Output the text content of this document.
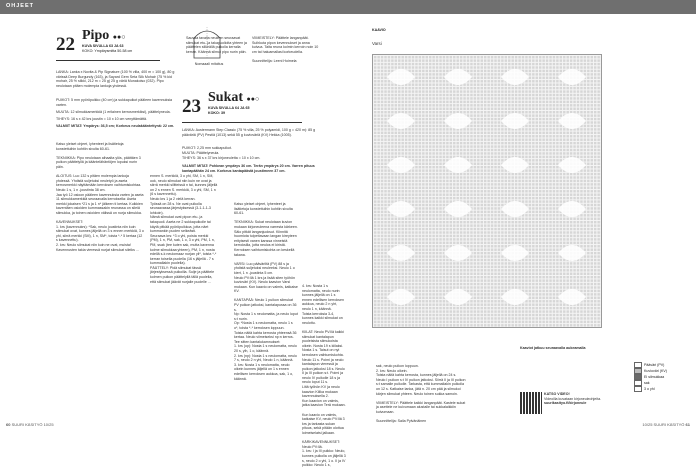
OHJEET
22 Pipo ●●○
KUVA SIVULLA 63 JA 63
KOKO: Ympärysmitta 50-58 cm
Nomaaali mitoitus
LANKA: Lanka x Novita & Pip Signature (100 % villa, 400 m = 100 g), 80 g värissä Deep Burgundy (163), ja Sayard Gem Seta Silk Mohair (75 % kid mohair, 25 % silkki, 212 m = 25 g) 25 g väriä Munakoiso (032). Pipo neulotaan pitäen molempia lankoja yhdessä.
PUIKOT: 5 mm pyöröpuikko (40 cm) ja sukkapuikot pääleen kavennuksia varten.
MUUTA: 12 silmukkamerkkiä (1 erilainen kerrosmerkiksi), päättelyneula.
TIHEYS: 16 s x 42 krs joustin = 10 x 10 cm venyttämättä.
VALMIIT MITAT: Ympärys: 36,5 cm; Korkeus neulakääntettynä: 22 cm.
Katso yleiset ohjeet, lyhenteet ja lisätietoja konstettuihin kohtiin sivulta 60-61.

TEKNIIKKA: Pipo neulotaan alhaalta ylös, päättäen 3 puikon päättelyllä ja kääntelähäntöjen lopuksi nurin päin.

ALOITUS: Luo 132 s pitäen molempia lankoja yhdessä. Yhdistä suljetuksi neuletyö ja aseta kerrosmerkki näyttämään kerroksen vaihtumiskohtaa.
Neulo 1 s, 1 n -joustinta 38 cm.
Jaa työ 12 osioon pääleen kavennuksia varten ja aseta 11 silmukkamerkkiä seuraavalla kerroksella: Aseta merkki jokaisen *21 s ja 1 n* jälkeen ti kertaa. Kuikkien kaventäen osioiden kummassakin reunassa on sileiä silmukka, ja toinen osioiden välissä on nurja silmukka.

KAVENNUKSET:
1. krs (kavennukrs): *Sak, neulo joustinta niin kuin silmukat ovat, kunnes jäljellä on 3 s ennen merkkiä, 3 o yhl, siirrä merkki (SM), 1 n, SM*, toista *-* 5 kertaa (12 s kavennettu).
2. krs: Neulo silmukat niin kuin ne ovat, muista! Kavennusten takia vieressä nurjat silmukat sileiks ...
ennen S. merkkiä, 3 o yhl, SM, 1 n, SM, ook, neulo silmukat niin kuin ne ovat ja siirrä merkki silitteissä n tai, kunnes jäljellä on 2 s ennen S. merkkiä, 3 o yhl, SM, 1 n (6 s kavennettu).
Neulo krs 1 ja 2 vielä kerran.
Työssä on 28 s. Ne ovat puikolla seuraavassa järjestyksessä (3-1-1-1-3 lohkoin).
Nämä silmukat ovat pipon etu- ja takapuoli. Aseta ne 2 sukkapuikolle tai käytä pitkää pyöröpuikkoa, jotta näet kummankin puolen selkeästi.
Seuraava krs: *3 o yhl, poista merkki (PM), 1 n, PM, sak, 1 o, 3 o yhl, PM, 1 n, PM, ssak (tee kuten sak, mutta kavenna kolme silmukkaa yhteen), PM, 1 n, nosta edellä s-k neulomaaz nurjan yli*, toista *-* kerran toisella puolella (16 s jäljellä - 7 s kummallakin puolella).
PÄÄTTELY: Pidä silmukat tässä järjestyksessä puikoilla. Sulje ja päättele kolmen puikon päättelyllä tällä puolella, että silmukat jäävät nurjalle puolelle ...
Sauvaa tavalla neuleen seuraavat silmukat etu- ja takapuoliolta yhteen ja päättelen silkeällä puikolla kerralla kerran. Käännä silmut pipo nurin päin.
VIIMEISTELY: Päättele langanpäät. Suihkuta pipon kevennukset ja anna kuivua. Taita reuna kolmin kerroin noin 10 cm tai haluamallasi korkeudella.

Suunnittelija: Leeni Hoimela
23 Sukat ●●○
KUVA SIVULLA 64 JA 65
KOKO: 39
LANKA: Austermann Step Classic (75 % villa, 25 % polyamidi, 100 g = 420 m): 85 g pääväriä (PV) Pestiä (1013) sekä 55 g kuvioväriä (KV) Hekka (1005).
PUIKOT: 2,25 mm sukkapuikot.
MUUTA: Päättelyneula.
TIHEYS: 36 s x 37 krs kirjoneuletta = 10 x 10 cm.
VALMIIT MITAT: Pohkean ympärys 36 cm. Terän ympärys 20 cm. Varren pituus kantapäähän 24 cm. Korkeus kantapäästä joustimeen 37 cm.
Katso yleiset ohjeet, lyhenteet ja lisätietoja konstettuihin kohtiin sivulta 60-61.

TEKNIIKKA: Sukat neulotaan kuvion mukaan kirjoneuleena varresta kärkeen. Sälo pitkät langanjuoksut. Kiinnitä huomiota tulpettavaan langan kireyteen erityisesti vanen kanssa vinneistä kerroksilla, jotta neulos ei kiristä. Kerroksen vaihtumiskohta on keskellä takana.

VARSI: Luo pääväriltä (PV) 88 s ja yhdistä suljetuksi neuleeksi. Neulo 1 o kiert, 1 n -joustinta 5 cm.
Neulo PV:llä 1 krs ja lisää siten työhön kuvioväri (KV). Neulo kaavion Varsi mukaan. Kun kaavio on valmis, katkaise KV.

KANTAPÄÄ: Neulo 1 puikon silmukat PV puikon jatkoksi, kantalapussa on 36 s.
Np: Nosta 1 s neulomatta, ja neulo loput s:t nurin.
Op: *Nosta 1 s neulomatta, neulo 1 s o*, toista *-* kerroksen loppuun.
Toista näitä kahta kerrosta yhteensä 36 kertaa. Neulo viimeiseksi np:n kerros.
Tee sitten kantalukamnukset:
1. krs (op): Nosta 1 s neulomatta, neulo 20 s, ylh, 1 o, käännä.
2. krs (np): Nosta 1 s neulomatta, neulo 7 s, neulo 2 n yhl, Neulo 1 n, käännä.
3. krs: Nosta 1 s neulomatta, neulo oikein kunnes jäljellä on 1 s ennen edellisen kerroksen aukkoa, sak, 1 o, käännä.
4. krs: Nosta 1 s neulomatta, neulo nurin kunnes jäljellä on 1 s ennen edellisen kerroksen aukkoa, neulo 2 n yht, neulo 1 n, käännä.
Toista kerroksia 3-4, kunnes kaikki silmukat on neulottu.

KIILAT: Neulo PV:llä kaikki silmukat kantalapun puoleisista silmukoista oikein. Nosta 19 s kiilaksi.
Nosta 1 s. Taisut on nyt kerroksen vaihtumiskohta.
Neulo 11 s. Poimi ja neulo kantalapun vieressä ja puikon jatkoksi 18 s. Neulo II ja III puikon s:t. Poimi ja neulo IV puikolle 18 s ja neulo loput 11 s.
Liitä työhön KV ja neulo kaavion Kiilka mukaan kavennuksella 2.
Kun kaavion on valmis, jatka kaavion Terä mukaan.

Kun kaavio on valmis, katkaise KV, neulo PV:llä 3 krs ja tarkasta sukan pituus, sekä pitään olottua loimeiselatsi jalkaan.

KÄRKIKAVENNUKSET: Neulo PV:llä.
1. krs: I ja III puikko: Neulo, kunnes puikolla on jäljellä 3 s, neulo 2 o yhl, 1 o. II ja IV puikko: Neulo 1 s,
60 SUURI KÄSITYÖ 10/25
KAAVIO
Varsi
sak, neulo puikon loppuun.
2. krs: Neulo oikein.
Toista näitä kahta kerrosta, kunnes jäljellä on 24 s.
Neulo I puikon s:t IV puikon jatkoksi. Siirrä II ja III puikon s:t samalle puikolle. Tarkasta, että kummallakin puikolla on 12 s. Katkaise lanka, jätä n. 20 cm pää ja silmukoi kärjen silmukat yhteen. Neulo toinen sukka samoin.

VIIMEISTELY: Päättele kaikki langanpäät. Kastele sukat ja asettele ne kuivumaan alustalle tai sukkalaikkiin kuivumaan.

Suunnittelija: Saila Pylvänäinen
KATSO VIDEO!
Videoilla kuvataan kirjoneuleohjeita.
suurikasityo.fi/kirjoneule
Kaaviot jatkuu seuraavalla aukeamalla
10/25 SUURI KÄSITYÖ 61
Pääväri (PV)
Kuvioväri (KV)
Ei silmukkaa
sak
3 o yhl
